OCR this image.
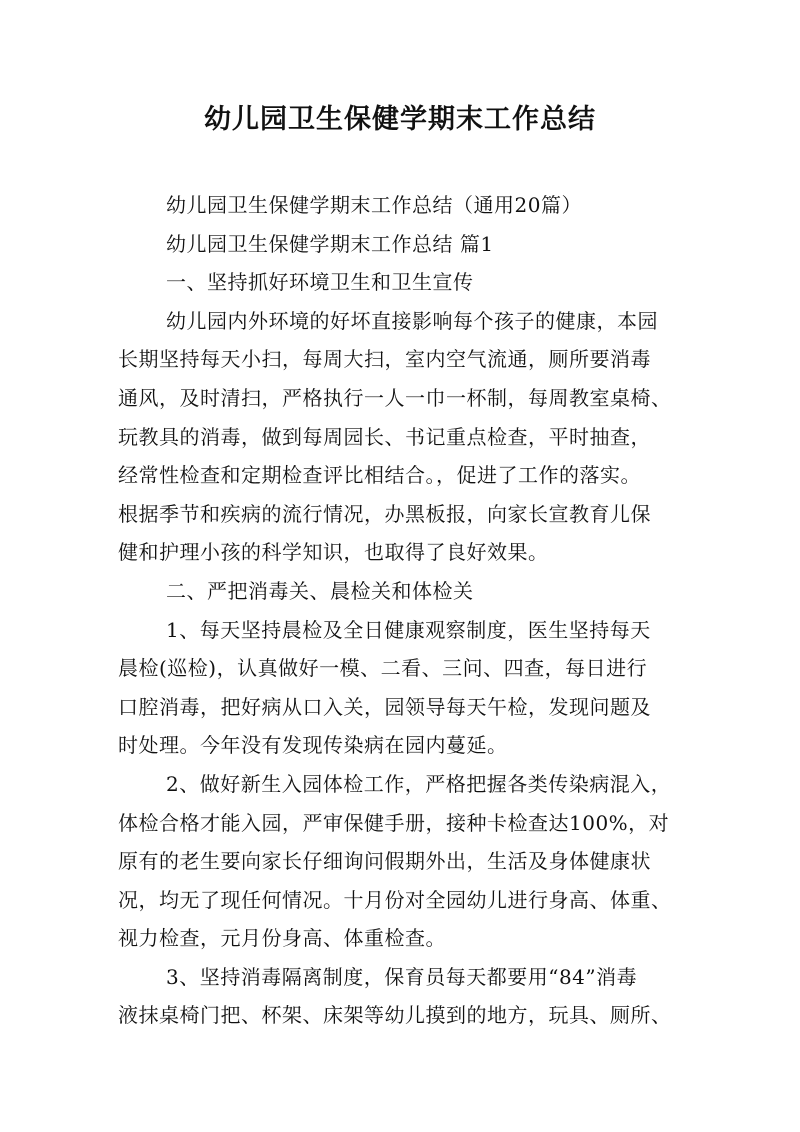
幼儿园卫生保健学期末工作总结
幼儿园卫生保健学期末工作总结（通用20篇）
幼儿园卫生保健学期末工作总结 篇1
一、坚持抓好环境卫生和卫生宣传
幼儿园内外环境的好坏直接影响每个孩子的健康，本园
长期坚持每天小扫，每周大扫，室内空气流通，厕所要消毒
通风，及时清扫，严格执行一人一巾一杯制，每周教室桌椅、
玩教具的消毒，做到每周园长、书记重点检查，平时抽查，
经常性检查和定期检查评比相结合。，促进了工作的落实。
根据季节和疾病的流行情况，办黑板报，向家长宣教育儿保
健和护理小孩的科学知识，也取得了良好效果。
二、严把消毒关、晨检关和体检关
1、每天坚持晨检及全日健康观察制度，医生坚持每天
晨检(巡检)，认真做好一模、二看、三问、四查，每日进行
口腔消毒，把好病从口入关，园领导每天午检，发现问题及
时处理。今年没有发现传染病在园内蔓延。
2、做好新生入园体检工作，严格把握各类传染病混入，
体检合格才能入园，严审保健手册，接种卡检查达100%，对
原有的老生要向家长仔细询问假期外出，生活及身体健康状
况，均无了现任何情况。十月份对全园幼儿进行身高、体重、
视力检查，元月份身高、体重检查。
3、坚持消毒隔离制度，保育员每天都要用“84”消毒
液抹桌椅门把、杯架、床架等幼儿摸到的地方，玩具、厕所、
